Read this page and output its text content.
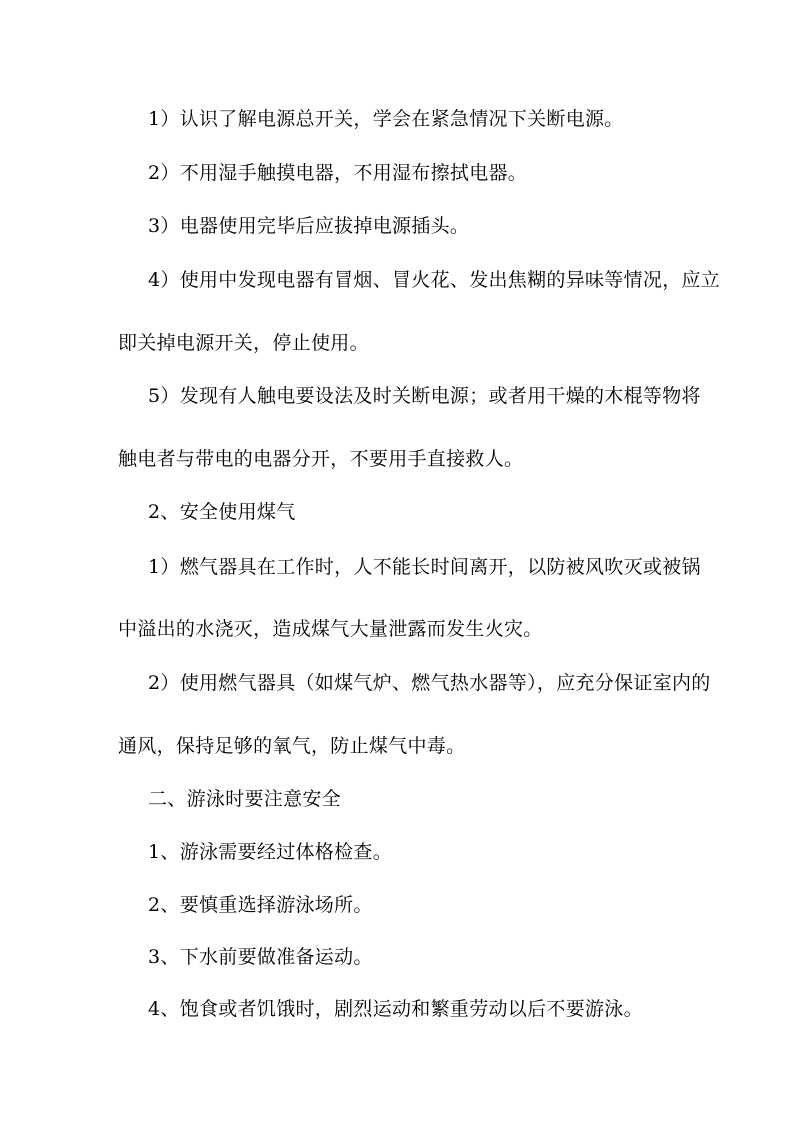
1）认识了解电源总开关，学会在紧急情况下关断电源。
2）不用湿手触摸电器，不用湿布擦拭电器。
3）电器使用完毕后应拔掉电源插头。
4）使用中发现电器有冒烟、冒火花、发出焦糊的异味等情况，应立
即关掉电源开关，停止使用。
5）发现有人触电要设法及时关断电源；或者用干燥的木棍等物将
触电者与带电的电器分开，不要用手直接救人。
2、安全使用煤气
1）燃气器具在工作时，人不能长时间离开，以防被风吹灭或被锅
中溢出的水浇灭，造成煤气大量泄露而发生火灾。
2）使用燃气器具（如煤气炉、燃气热水器等），应充分保证室内的
通风，保持足够的氧气，防止煤气中毒。
二、游泳时要注意安全
1、游泳需要经过体格检查。
2、要慎重选择游泳场所。
3、下水前要做准备运动。
4、饱食或者饥饿时，剧烈运动和繁重劳动以后不要游泳。
